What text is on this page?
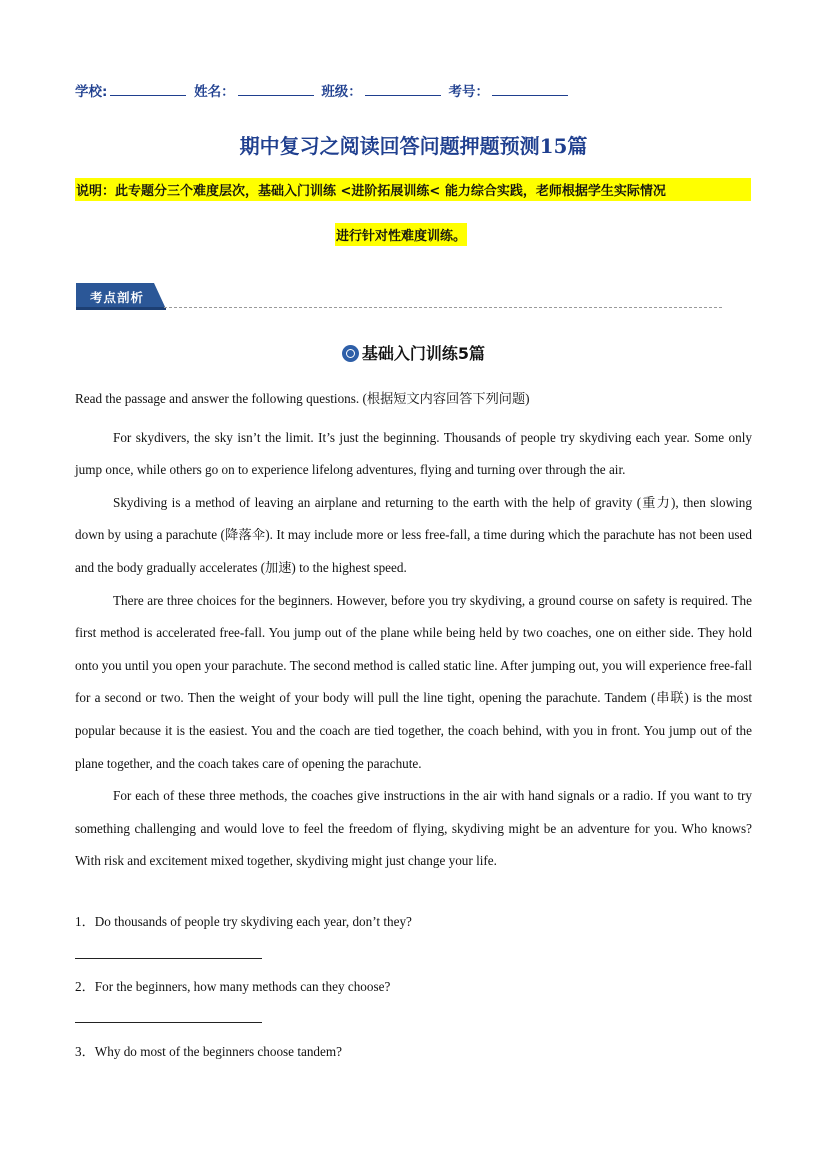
学校:	姓名：	班级：	考号：
期中复习之阅读回答问题押题预测15篇
说明：此专题分三个难度层次，基础入门训练 <进阶拓展训练< 能力综合实践，老师根据学生实际情况
进行针对性难度训练。
考点剖析
基础入门训练5篇

Read the passage and answer the following questions. (根据短文内容回答下列问题)

For skydivers, the sky isn’t the limit. It’s just the beginning. Thousands of people try skydiving each year. Some only jump once, while others go on to experience lifelong adventures, flying and turning over through the air.

Skydiving is a method of leaving an airplane and returning to the earth with the help of gravity (重力), then slowing down by using a parachute (降落伞). It may include more or less free-fall, a time during which the parachute has not been used and the body gradually accelerates (加速) to the highest speed.

There are three choices for the beginners. However, before you try skydiving, a ground course on safety is required. The first method is accelerated free-fall. You jump out of the plane while being held by two coaches, one on either side. They hold onto you until you open your parachute. The second method is called static line. After jumping out, you will experience free-fall for a second or two. Then the weight of your body will pull the line tight, opening the parachute. Tandem (串联) is the most popular because it is the easiest. You and the coach are tied together, the coach behind, with you in front. You jump out of the plane together, and the coach takes care of opening the parachute.

For each of these three methods, the coaches give instructions in the air with hand signals or a radio. If you want to try something challenging and would love to feel the freedom of flying, skydiving might be an adventure for you. Who knows? With risk and excitement mixed together, skydiving might just change your life.

1．Do thousands of people try skydiving each year, don’t they?
2．For the beginners, how many methods can they choose?
3．Why do most of the beginners choose tandem?
